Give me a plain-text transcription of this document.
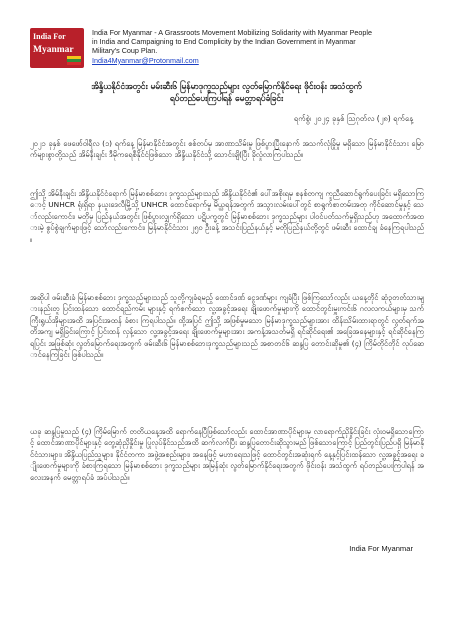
India For
Myanmar
India For Myanmar - A Grassroots Movement Mobilizing Solidarity with Myanmar People
in India and Campaigning to End Complicity by the Indian Government in Myanmar
Military's Coup Plan.
India4Myanmar@Protonmail.com
အိန္ဒိယနိုင်ငံအတွင်း မမ်းဆီး၆ မြန်မာဒုက္ခသည်များ လွတ်မြောက်နိုင်ရေး ဖိုင်းဝန်း အသံထွက်
ရပ်တည်ပေးကြပါရန် မေတ္တာရပ်ခံခြင်း
ရက်စွဲ၊ ၂၀၂၄ ခုနှစ် ဩဂုတ်လ (၂၈) ရက်နေ့
၂၀၂၁ ခုနှစ် ဖေဖော်ဝါရီလ (၁) ရက်နေ့ မြန်မာနိုင်ငံအတွင်း စစ်တပ်မှ အာဏာသိမ်းမှု ဖြစ်ပွားပြီးနောက် အသက်လုံခြုံမှု မရှိသော မြန်မာနိုင်ငံသား မြောက်များစွာတို့သည် အိမ်နီးချင်း ဒီမိုကရေစီနိုင်ငံဖြစ်သော အိန္ဒိယနိုင်ငံသို့ သောင်းချိ(ပြီး ခိုလှုံလာကြပါသည်။
ဤသို့ အိမ်နီးချင်း အိန္ဒိယနိုင်ငံရောက် မြန်မာစစ်ဘေး ဒုက္ခသည်များသည် အိန္ဒိယနိုင်ငံ၏ ပေါ်အစိုးရမှ စနစ်တကျ ကူညီဆောင်ရွက်ပေးခြင်း မရှိသောကြောင့် UNHCR ရုံးရှိရာ နယူးဒေလီမြို့သို့ UNHCR ထောင်ရောက်မှု မိယ္ယရန်အတွက် အသွားလမ်းပေါ်တွင် စာရွက်စာတမ်းအတု ကိုင်ဆောင်မှုနှင့် သော်လည်းကောင်း၊ မတိုမှ ပြည်နယ်အတွင်း ဖြစ်ပွားလျှက်ရှိသော ပဋိပက္ခတွင် မြန်မာစစ်ဘေး ဒုက္ခသည်များ ပါဝင်ပတ်သက်မှုရှိသည်ဟု အထောက်အထားမဲ့ စွပ်စွဲချက်များဖြင့် သော်လည်းကောင်း၊ မြန်မာနိုင်ငံသား ၂၅၀ ဦးခန့် အသင်းပြည်နယ်နှင့် မတိုပြည်နယ်တို့တွင် ဖမ်းဆီး ထောင်ချ ခံနေကြရပါသည်။
အဆိုပါ ဖမ်းဆီးခံ မြန်မာစစ်ဘေး ဒုက္ခသည်များသည် သူတို့ကျခံရမည့် ထောင်ဒဏ် ငွေဒဏ်များ ကျခံပြီး ဖြစ်ကြသော်လည်း ယနေ့တိုင် ဆုံ၃တတ်သားများနည်းတူ ပြင်းထန်သော ထောင်ရည်ကမ်း များနှင့် ရက်စက်သော လူ့အခွင့်အရေး ချိုးဖောက်မှုများကို ထောင်တွင်းမှူးကင်း၆ ဂလလကယ်များမှ သက်ကြီးရွယ်အိုများအထိ အပြင်းအထန် ခံစား ကြရပါသည်။ ထို့အပြင် ဤသို့ အဖြစ်မှုမသော မြန်မာဒုက္ခသည်များအား ထိန်းသိမ်းထားရာတွင် လွတ်ရက်အတိအကျ မရှိခြင်းကြောင့် ပြင်းထန် လှန့်သော လူ့အခွင့်အရေး ချိုးဖောက်မှုများအား အကန့်အသတ်မရှိ ရင်ဆိုင်ရေး၏ အခြေအနေများနှင့် ရင်ဆိုင်နေကြရပြင်း အဖြစ်ဆုံး လွတ်မြောက်ရေးအတွက် ဖမ်းဆီး၆ မြန်မာစစ်ဘေးဒုက္ခသည်များသည် အစာတင်၆ ဆန္ဒပြ တောင်းဆိုမှု၏ (၄) ကြိမ်တိုင်တိုင် လုပ်ဆောင်နေကြခြင်း ဖြစ်ပါသည်။
ယခု ဆန္ဒပြမှုသည် (၄) ကြိမ်မြောက် တတိယနေ့အထိ ရောက်နေပြီဖြစ်သော်လည်း ထောင်အာဏာပိုင်များမှ လာရောက်ညှိနှိုင်းခြင်း လုံးဝမရှိသောကြောင့် ထောင်အာဏာပိုင်များနှင့် တွေ့ဆုံညှိနှိုင်းမှု ပြုလုပ်နိုင်သည်အထိ ဆက်လက်ပြီး ဆန္ဒပြတောင်းဆိုသွားမည် ဖြစ်သောကြောင့် ပြည်တွင်းပြည်ပရှိ မြန်မာနိုင်ငံသားများ၊ အိန္ဒိယပြည်သူများ၊ နိုင်ငံတကာ အဖွဲ့အစည်းများ၊ အနေဖြင့် မဟာရေးသဖြင့် ထောင်တွင်းအဆုံးရက် နေ့နှင့်ပြင်းထန်သော လူ့အခွင့်အရေး ချိုးဖောက်မှုများကို ခံစားကြရသော မြန်မာစစ်ဘေး ဒုက္ခသည်များ အမြန်ဆုံး လွတ်မြောက်နိုင်ရေးအတွက် ဖိုင်းဝန်း အသံထွက် ရပ်တည်ပေးကြပါရန် အလေးအနက် မေတ္တာရပ်ခံ အပ်ပါသည်။
India For Myanmar
